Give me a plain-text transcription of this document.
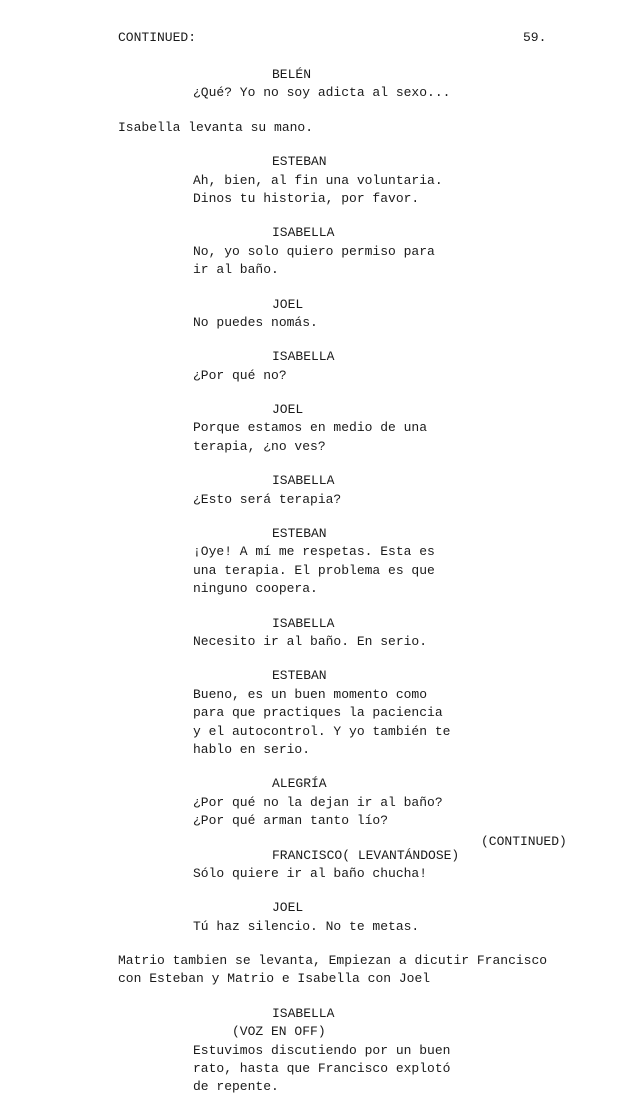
CONTINUED:	59.
BELÉN
¿Qué? Yo no soy adicta al sexo...
Isabella levanta su mano.
ESTEBAN
Ah, bien, al fin una voluntaria.
Dinos tu historia, por favor.
ISABELLA
No, yo solo quiero permiso para
ir al baño.
JOEL
No puedes nomás.
ISABELLA
¿Por qué no?
JOEL
Porque estamos en medio de una
terapia, ¿no ves?
ISABELLA
¿Esto será terapia?
ESTEBAN
¡Oye! A mí me respetas. Esta es
una terapia. El problema es que
ninguno coopera.
ISABELLA
Necesito ir al baño. En serio.
ESTEBAN
Bueno, es un buen momento como
para que practiques la paciencia
y el autocontrol. Y yo también te
hablo en serio.
ALEGRÍA
¿Por qué no la dejan ir al baño?
¿Por qué arman tanto lío?
FRANCISCO( LEVANTÁNDOSE)
Sólo quiere ir al baño chucha!
JOEL
Tú haz silencio. No te metas.
Matrio tambien se levanta, Empiezan a dicutir Francisco
con Esteban y Matrio e Isabella con Joel
ISABELLA
(VOZ EN OFF)
Estuvimos discutiendo por un buen
rato, hasta que Francisco explotó
de repente.
(CONTINUED)
